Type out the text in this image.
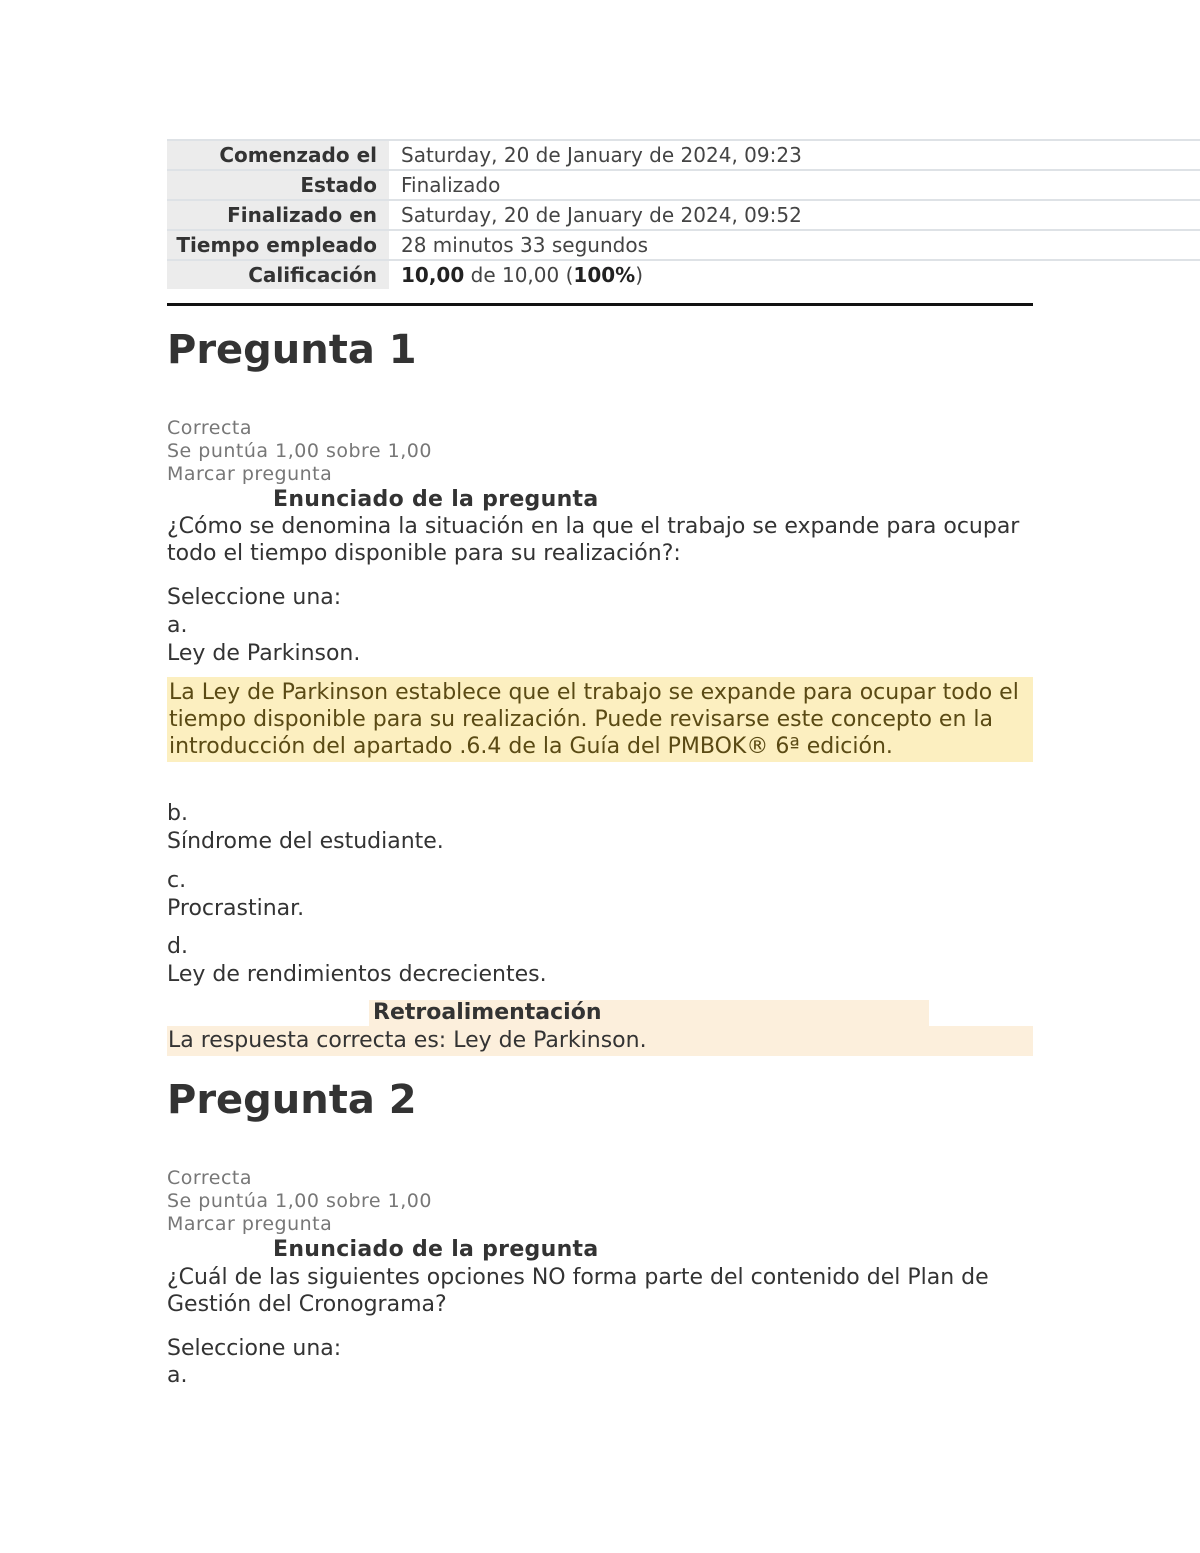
Comenzado el	Saturday, 20 de January de 2024, 09:23
Estado	Finalizado
Finalizado en	Saturday, 20 de January de 2024, 09:52
Tiempo empleado	28 minutos 33 segundos
Calificación	10,00 de 10,00 (100%)
Pregunta 1
Correcta
Se puntúa 1,00 sobre 1,00
Marcar pregunta
Enunciado de la pregunta
¿Cómo se denomina la situación en la que el trabajo se expande para ocupar todo el tiempo disponible para su realización?:
Seleccione una:
a.
Ley de Parkinson.
La Ley de Parkinson establece que el trabajo se expande para ocupar todo el tiempo disponible para su realización. Puede revisarse este concepto en la introducción del apartado .6.4 de la Guía del PMBOK® 6ª edición.
b.
Síndrome del estudiante.
c.
Procrastinar.
d.
Ley de rendimientos decrecientes.
Retroalimentación
La respuesta correcta es: Ley de Parkinson.
Pregunta 2
Correcta
Se puntúa 1,00 sobre 1,00
Marcar pregunta
Enunciado de la pregunta
¿Cuál de las siguientes opciones NO forma parte del contenido del Plan de Gestión del Cronograma?
Seleccione una:
a.
